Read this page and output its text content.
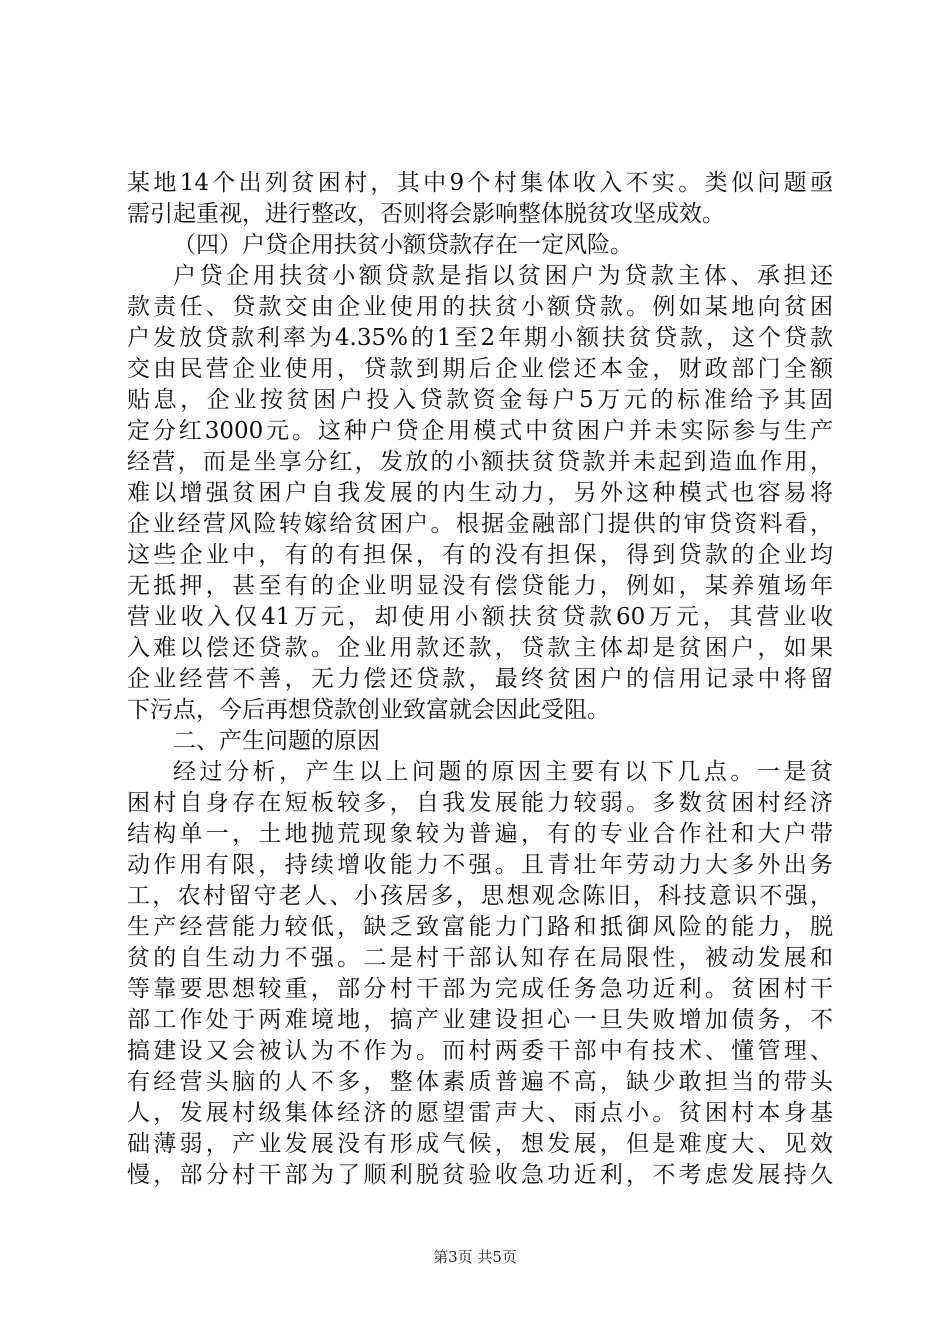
某地14个出列贫困村，其中9个村集体收入不实。类似问题亟
需引起重视，进行整改，否则将会影响整体脱贫攻坚成效。
（四）户贷企用扶贫小额贷款存在一定风险。
户贷企用扶贫小额贷款是指以贫困户为贷款主体、承担还
款责任、贷款交由企业使用的扶贫小额贷款。例如某地向贫困
户发放贷款利率为4.35%的1至2年期小额扶贫贷款，这个贷款
交由民营企业使用，贷款到期后企业偿还本金，财政部门全额
贴息，企业按贫困户投入贷款资金每户5万元的标准给予其固
定分红3000元。这种户贷企用模式中贫困户并未实际参与生产
经营，而是坐享分红，发放的小额扶贫贷款并未起到造血作用，
难以增强贫困户自我发展的内生动力，另外这种模式也容易将
企业经营风险转嫁给贫困户。根据金融部门提供的审贷资料看，
这些企业中，有的有担保，有的没有担保，得到贷款的企业均
无抵押，甚至有的企业明显没有偿贷能力，例如，某养殖场年
营业收入仅41万元，却使用小额扶贫贷款60万元，其营业收
入难以偿还贷款。企业用款还款，贷款主体却是贫困户，如果
企业经营不善，无力偿还贷款，最终贫困户的信用记录中将留
下污点，今后再想贷款创业致富就会因此受阻。
二、产生问题的原因
经过分析，产生以上问题的原因主要有以下几点。一是贫
困村自身存在短板较多，自我发展能力较弱。多数贫困村经济
结构单一，土地抛荒现象较为普遍，有的专业合作社和大户带
动作用有限，持续增收能力不强。且青壮年劳动力大多外出务
工，农村留守老人、小孩居多，思想观念陈旧，科技意识不强，
生产经营能力较低，缺乏致富能力门路和抵御风险的能力，脱
贫的自生动力不强。二是村干部认知存在局限性，被动发展和
等靠要思想较重，部分村干部为完成任务急功近利。贫困村干
部工作处于两难境地，搞产业建设担心一旦失败增加债务，不
搞建设又会被认为不作为。而村两委干部中有技术、懂管理、
有经营头脑的人不多，整体素质普遍不高，缺少敢担当的带头
人，发展村级集体经济的愿望雷声大、雨点小。贫困村本身基
础薄弱，产业发展没有形成气候，想发展，但是难度大、见效
慢，部分村干部为了顺利脱贫验收急功近利，不考虑发展持久
第3页 共5页
